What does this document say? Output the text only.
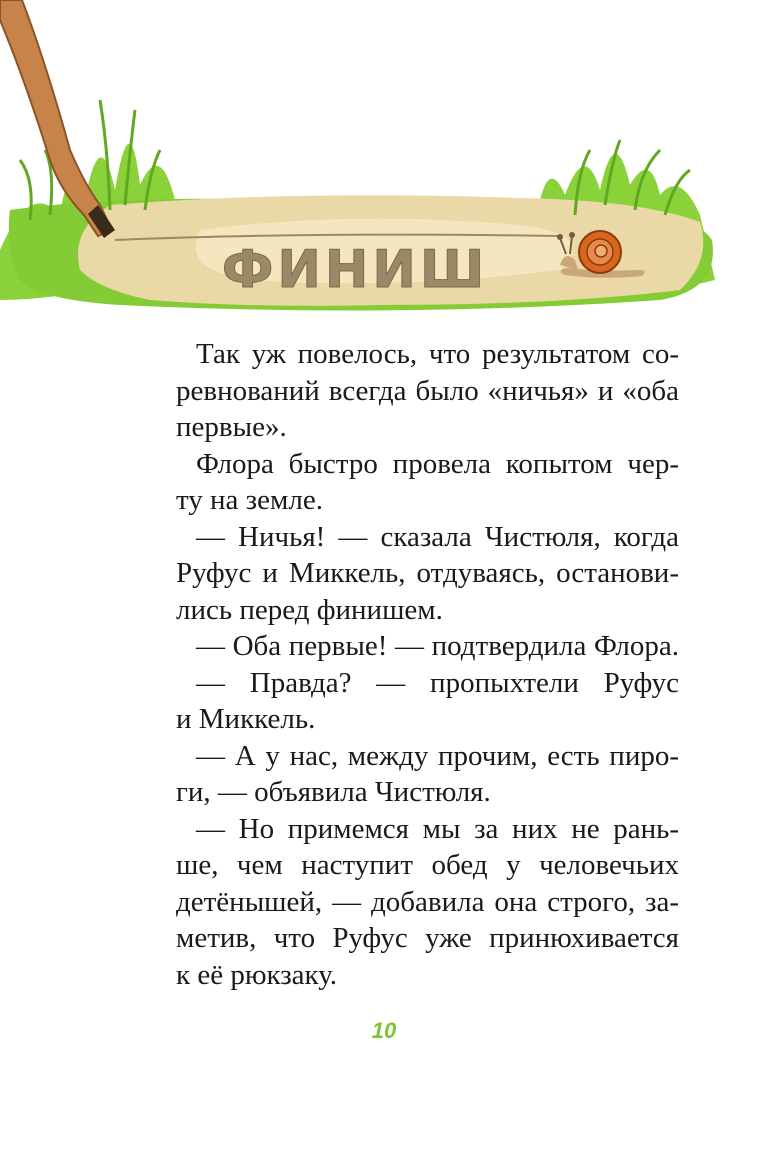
ФИНИШ
Так уж повелось, что результатом со-
ревнований всегда было «ничья» и «оба
первые».
Флора быстро провела копытом чер-
ту на земле.
— Ничья! — сказала Чистюля, когда
Руфус и Миккель, отдуваясь, останови-
лись перед финишем.
— Оба первые! — подтвердила Флора.
— Правда? — пропыхтели Руфус
и Миккель.
— А у нас, между прочим, есть пиро-
ги, — объявила Чистюля.
— Но примемся мы за них не рань-
ше, чем наступит обед у человечьих
детёнышей, — добавила она строго, за-
метив, что Руфус уже принюхивается
к её рюкзаку.
10
